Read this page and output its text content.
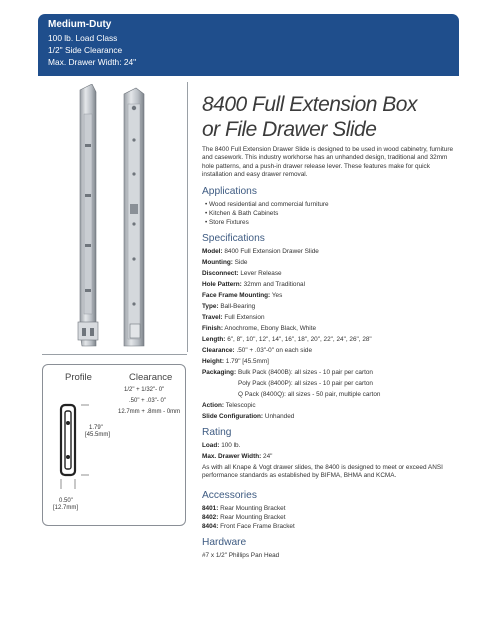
Medium-Duty
100 lb. Load Class
1/2" Side Clearance
Max. Drawer Width: 24"
Profile	Clearance
1/2" + 1/32"- 0"
.50" + .03"- 0"
12.7mm + .8mm - 0mm
1.79"
[45.5mm]
0.50"
[12.7mm]
8400 Full Extension Box
or File Drawer Slide
The 8400 Full Extension Drawer Slide is designed to be used in wood cabinetry, furniture and casework. This industry workhorse has an unhanded design, traditional and 32mm hole patterns, and a push-in drawer release lever. These features make for quick installation and easy drawer removal.
Applications
• Wood residential and commercial furniture
• Kitchen & Bath Cabinets
• Store Fixtures
Specifications
Model: 8400 Full Extension Drawer Slide
Mounting: Side
Disconnect: Lever Release
Hole Pattern: 32mm and Traditional
Face Frame Mounting: Yes
Type: Ball-Bearing
Travel: Full Extension
Finish: Anochrome, Ebony Black, White
Length: 6", 8", 10", 12", 14", 16", 18", 20", 22", 24", 26", 28"
Clearance: .50" + .03"-0" on each side
Height: 1.79" [45.5mm]
Packaging: Bulk Pack (8400B): all sizes - 10 pair per carton
Poly Pack (8400P): all sizes - 10 pair per carton
Q Pack (8400Q): all sizes - 50 pair, multiple carton
Action: Telescopic
Slide Configuration: Unhanded
Rating
Load: 100 lb.
Max. Drawer Width: 24"
As with all Knape & Vogt drawer slides, the 8400 is designed to meet or exceed ANSI performance standards as established by BIFMA, BHMA and KCMA.
Accessories
8401: Rear Mounting Bracket
8402: Rear Mounting Bracket
8404: Front Face Frame Bracket
Hardware
#7 x 1/2" Phillips Pan Head
